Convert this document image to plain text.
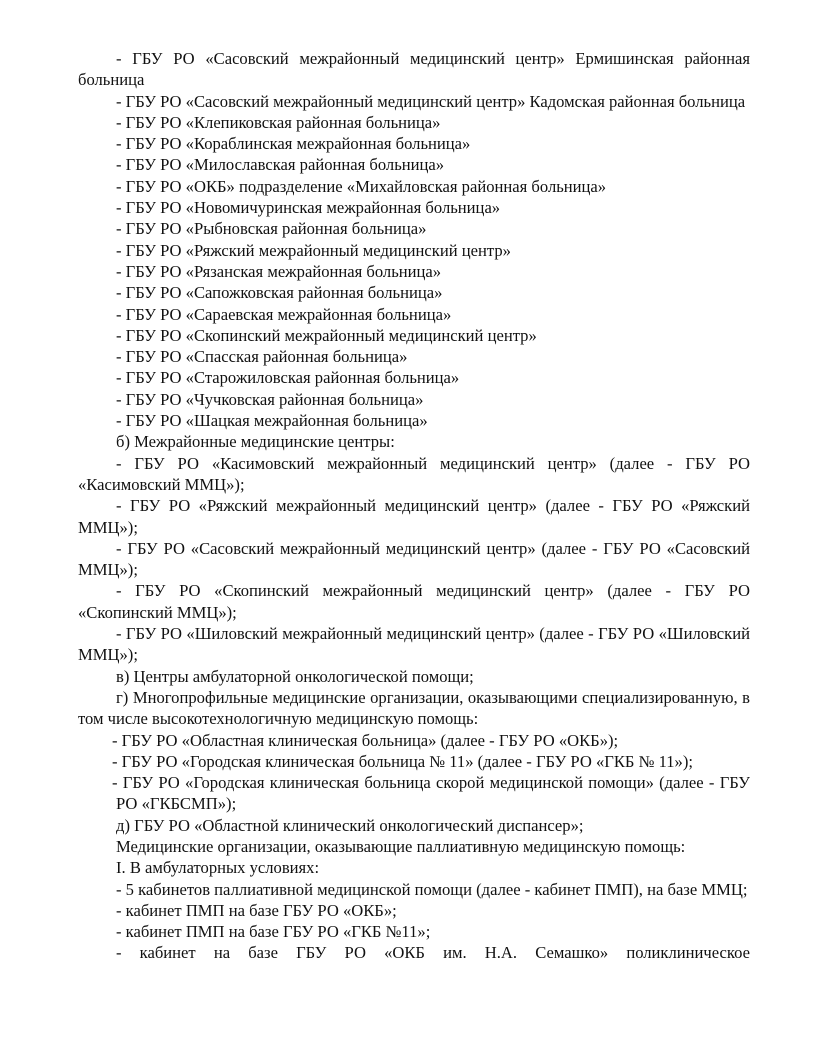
- ГБУ РО «Сасовский межрайонный медицинский центр» Ермишинская районная больница

- ГБУ РО «Сасовский межрайонный медицинский центр» Кадомская районная больница

- ГБУ РО «Клепиковская районная больница»

- ГБУ РО «Кораблинская межрайонная больница»

- ГБУ РО «Милославская районная больница»

- ГБУ РО «ОКБ» подразделение «Михайловская районная больница»

- ГБУ РО «Новомичуринская межрайонная больница»

- ГБУ РО «Рыбновская районная больница»

- ГБУ РО «Ряжский межрайонный медицинский центр»

- ГБУ РО «Рязанская межрайонная больница»

- ГБУ РО «Сапожковская районная больница»

- ГБУ РО «Сараевская межрайонная больница»

- ГБУ РО «Скопинский межрайонный медицинский центр»

- ГБУ РО «Спасская районная больница»

- ГБУ РО «Старожиловская районная больница»

- ГБУ РО «Чучковская районная больница»

- ГБУ РО «Шацкая межрайонная больница»

б) Межрайонные медицинские центры:

- ГБУ РО «Касимовский межрайонный медицинский центр» (далее - ГБУ РО «Касимовский ММЦ»);

- ГБУ РО «Ряжский межрайонный медицинский центр» (далее - ГБУ РО «Ряжский ММЦ»);

- ГБУ РО «Сасовский межрайонный медицинский центр» (далее - ГБУ РО «Сасовский ММЦ»);

- ГБУ РО «Скопинский межрайонный медицинский центр» (далее - ГБУ РО «Скопинский ММЦ»);

- ГБУ РО «Шиловский межрайонный медицинский центр» (далее - ГБУ РО «Шиловский ММЦ»);

в) Центры амбулаторной онкологической помощи;

г) Многопрофильные медицинские организации, оказывающими специализированную, в том числе высокотехнологичную медицинскую помощь:

- ГБУ РО «Областная клиническая больница» (далее - ГБУ РО «ОКБ»);

- ГБУ РО «Городская клиническая больница № 11» (далее - ГБУ РО «ГКБ № 11»);

- ГБУ РО «Городская клиническая больница скорой медицинской помощи» (далее - ГБУ РО «ГКБСМП»);

д) ГБУ РО «Областной клинический онкологический диспансер»;

Медицинские организации, оказывающие паллиативную медицинскую помощь:

I. В амбулаторных условиях:

- 5 кабинетов паллиативной медицинской помощи (далее - кабинет ПМП), на базе ММЦ;

- кабинет ПМП на базе ГБУ РО «ОКБ»;

- кабинет ПМП на базе ГБУ РО «ГКБ №11»;

- кабинет на базе ГБУ РО «ОКБ им. Н.А. Семашко» поликлиническое
